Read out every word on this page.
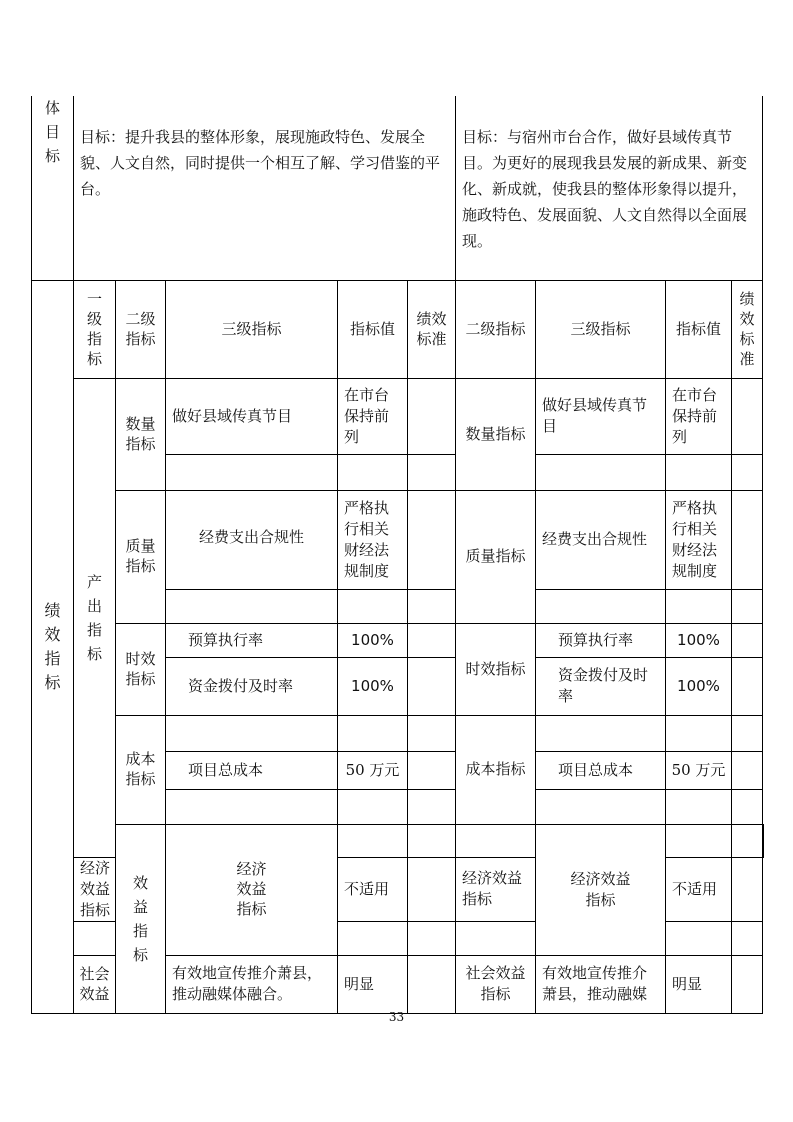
体目标	目标：提升我县的整体形象，展现施政特色、发展全貌、人文自然，同时提供一个相互了解、学习借鉴的平台。					目标：与宿州市台合作，做好县域传真节目。为更好的展现我县发展的新成果、新变化、新成就，使我县的整体形象得以提升，施政特色、发展面貌、人文自然得以全面展现。				
绩效指标	一级指标	二级指标	三级指标	指标值	绩效标准	二级指标	三级指标	指标值	绩效标准	
	产出指标	数量指标	做好县域传真节目	在市台保持前列		数量指标	做好县域传真节目	在市台保持前列		

		质量指标	经费支出合规性	严格执行相关财经法规制度		质量指标	经费支出合规性	严格执行相关财经法规制度		

		时效指标	预算执行率	100%		时效指标	预算执行率	100%		
			资金拨付及时率	100%			资金拨付及时率	100%		
		成本指标				成本指标				
			项目总成本	50 万元			项目总成本	50 万元		

		效益指标	经济效益指标				经济效益指标			
	经济效益指标			不适用		经济效益指标		不适用		

	社会效益		有效地宣传推介萧县，推动融媒体融合。	明显		社会效益指标	有效地宣传推介萧县，推动融媒	明显		
33
